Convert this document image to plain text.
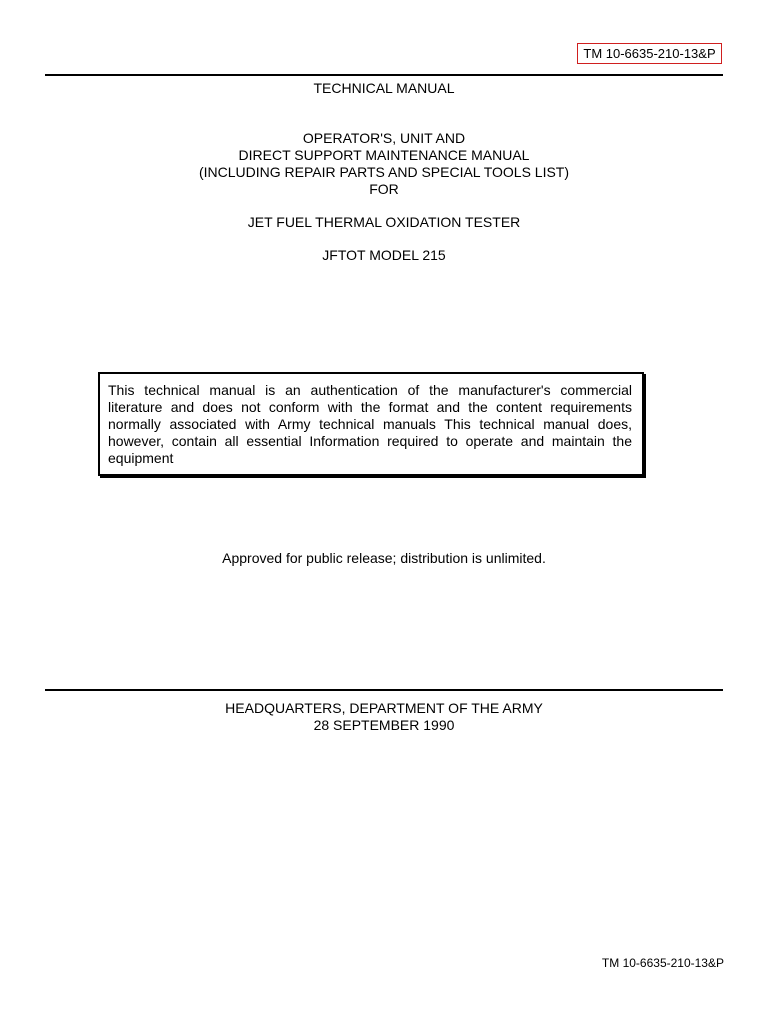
TM 10-6635-210-13&P
TECHNICAL MANUAL
OPERATOR'S, UNIT AND
DIRECT SUPPORT MAINTENANCE MANUAL
(INCLUDING REPAIR PARTS AND SPECIAL TOOLS LIST)
FOR
JET FUEL THERMAL OXIDATION TESTER
JFTOT MODEL 215

This technical manual is an authentication of the manufacturer's commercial literature and does not conform with the format and the content requirements normally associated with Army technical manuals This technical manual does, however, contain all essential Information required to operate and maintain the equipment

Approved for public release; distribution is unlimited.
HEADQUARTERS, DEPARTMENT OF THE ARMY
28 SEPTEMBER 1990
TM 10-6635-210-13&P
